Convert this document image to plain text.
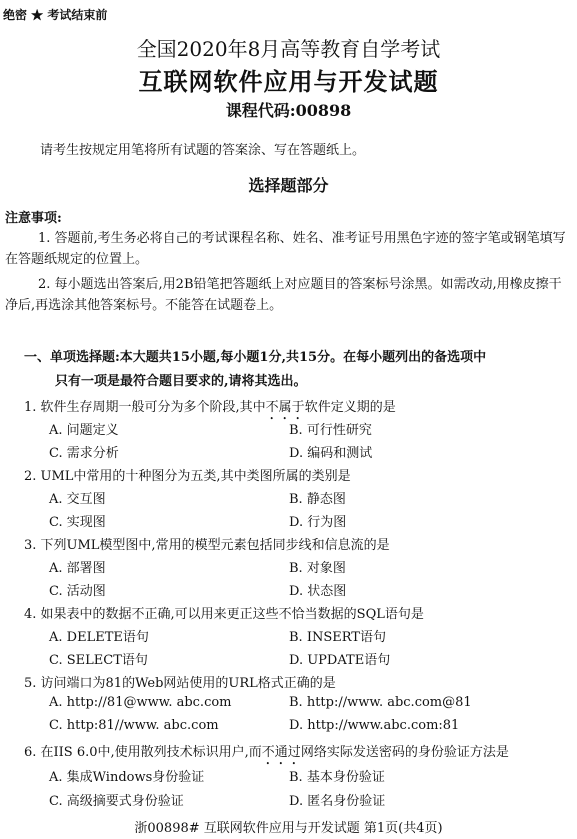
绝密 ★ 考试结束前
全国2020年8月高等教育自学考试
互联网软件应用与开发试题
课程代码:00898
请考生按规定用笔将所有试题的答案涂、写在答题纸上。
选择题部分
注意事项:
1. 答题前,考生务必将自己的考试课程名称、姓名、准考证号用黑色字迹的签字笔或钢笔填写在答题纸规定的位置上。
2. 每小题选出答案后,用2B铅笔把答题纸上对应题目的答案标号涂黑。如需改动,用橡皮擦干净后,再选涂其他答案标号。不能答在试题卷上。
一、单项选择题:本大题共15小题,每小题1分,共15分。在每小题列出的备选项中
只有一项是最符合题目要求的,请将其选出。
1. 软件生存周期一般可分为多个阶段,其中不属于软件定义期的是
A. 问题定义	B. 可行性研究
C. 需求分析	D. 编码和测试
2. UML中常用的十种图分为五类,其中类图所属的类别是
A. 交互图	B. 静态图
C. 实现图	D. 行为图
3. 下列UML模型图中,常用的模型元素包括同步线和信息流的是
A. 部署图	B. 对象图
C. 活动图	D. 状态图
4. 如果表中的数据不正确,可以用来更正这些不恰当数据的SQL语句是
A. DELETE语句	B. INSERT语句
C. SELECT语句	D. UPDATE语句
5. 访问端口为81的Web网站使用的URL格式正确的是
A. http://81@www. abc.com	B. http://www. abc.com@81
C. http:81//www. abc.com	D. http://www.abc.com:81
6. 在IIS 6.0中,使用散列技术标识用户,而不通过网络实际发送密码的身份验证方法是
A. 集成Windows身份验证	B. 基本身份验证
C. 高级摘要式身份验证	D. 匿名身份验证
浙00898# 互联网软件应用与开发试题 第1页(共4页)
